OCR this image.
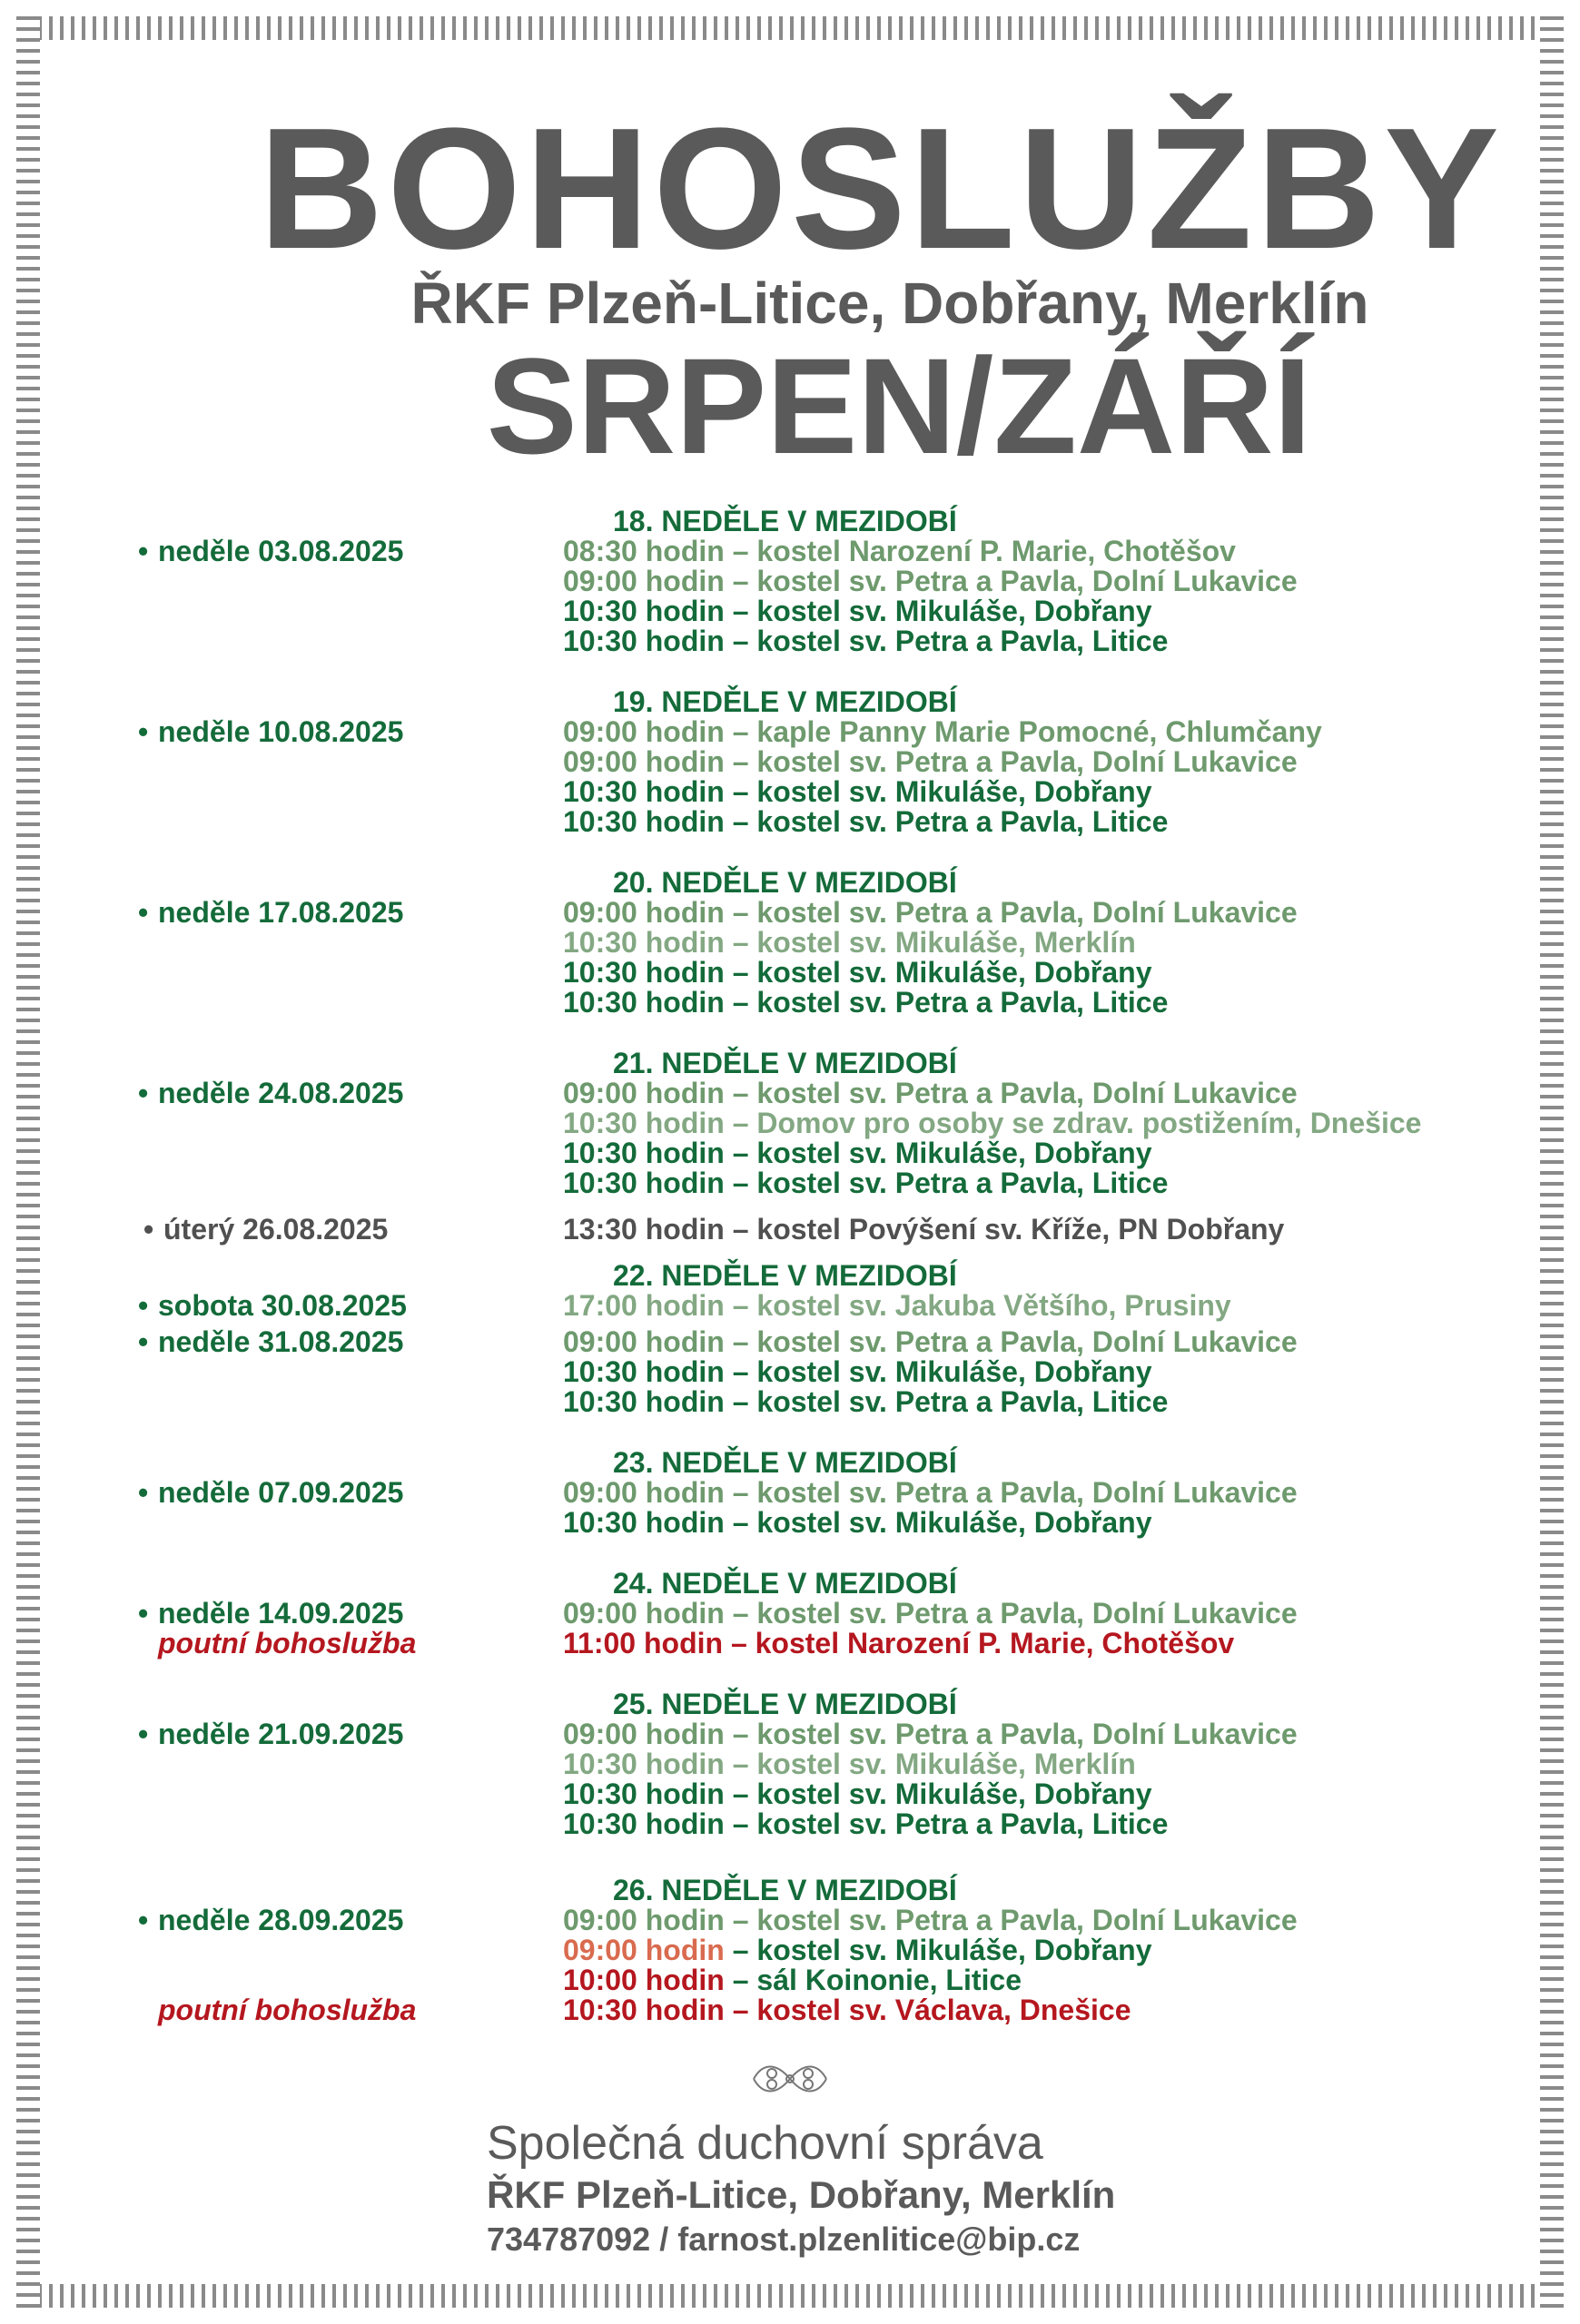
BOHOSLUŽBY
ŘKF Plzeň-Litice, Dobřany, Merklín
SRPEN/ZÁŘÍ
18. NEDĚLE V MEZIDOBÍ
• neděle 03.08.2025	08:30 hodin – kostel Narození P. Marie, Chotěšov
09:00 hodin – kostel sv. Petra a Pavla, Dolní Lukavice
10:30 hodin – kostel sv. Mikuláše, Dobřany
10:30 hodin – kostel sv. Petra a Pavla, Litice
19. NEDĚLE V MEZIDOBÍ
• neděle 10.08.2025	09:00 hodin – kaple Panny Marie Pomocné, Chlumčany
09:00 hodin – kostel sv. Petra a Pavla, Dolní Lukavice
10:30 hodin – kostel sv. Mikuláše, Dobřany
10:30 hodin – kostel sv. Petra a Pavla, Litice
20. NEDĚLE V MEZIDOBÍ
• neděle 17.08.2025	09:00 hodin – kostel sv. Petra a Pavla, Dolní Lukavice
10:30 hodin – kostel sv. Mikuláše, Merklín
10:30 hodin – kostel sv. Mikuláše, Dobřany
10:30 hodin – kostel sv. Petra a Pavla, Litice
21. NEDĚLE V MEZIDOBÍ
• neděle 24.08.2025	09:00 hodin – kostel sv. Petra a Pavla, Dolní Lukavice
10:30 hodin – Domov pro osoby se zdrav. postižením, Dnešice
10:30 hodin – kostel sv. Mikuláše, Dobřany
10:30 hodin – kostel sv. Petra a Pavla, Litice
• úterý 26.08.2025	13:30 hodin – kostel Povýšení sv. Kříže, PN Dobřany
22. NEDĚLE V MEZIDOBÍ
• sobota 30.08.2025	17:00 hodin – kostel sv. Jakuba Většího, Prusiny
• neděle 31.08.2025	09:00 hodin – kostel sv. Petra a Pavla, Dolní Lukavice
10:30 hodin – kostel sv. Mikuláše, Dobřany
10:30 hodin – kostel sv. Petra a Pavla, Litice
23. NEDĚLE V MEZIDOBÍ
• neděle 07.09.2025	09:00 hodin – kostel sv. Petra a Pavla, Dolní Lukavice
10:30 hodin – kostel sv. Mikuláše, Dobřany
24. NEDĚLE V MEZIDOBÍ
• neděle 14.09.2025	09:00 hodin – kostel sv. Petra a Pavla, Dolní Lukavice
poutní bohoslužba	11:00 hodin – kostel Narození P. Marie, Chotěšov
25. NEDĚLE V MEZIDOBÍ
• neděle 21.09.2025	09:00 hodin – kostel sv. Petra a Pavla, Dolní Lukavice
10:30 hodin – kostel sv. Mikuláše, Merklín
10:30 hodin – kostel sv. Mikuláše, Dobřany
10:30 hodin – kostel sv. Petra a Pavla, Litice
26. NEDĚLE V MEZIDOBÍ
• neděle 28.09.2025	09:00 hodin – kostel sv. Petra a Pavla, Dolní Lukavice
09:00 hodin – kostel sv. Mikuláše, Dobřany
10:00 hodin – sál Koinonie, Litice
poutní bohoslužba	10:30 hodin – kostel sv. Václava, Dnešice
Společná duchovní správa
ŘKF Plzeň-Litice, Dobřany, Merklín
734787092 / farnost.plzenlitice@bip.cz
